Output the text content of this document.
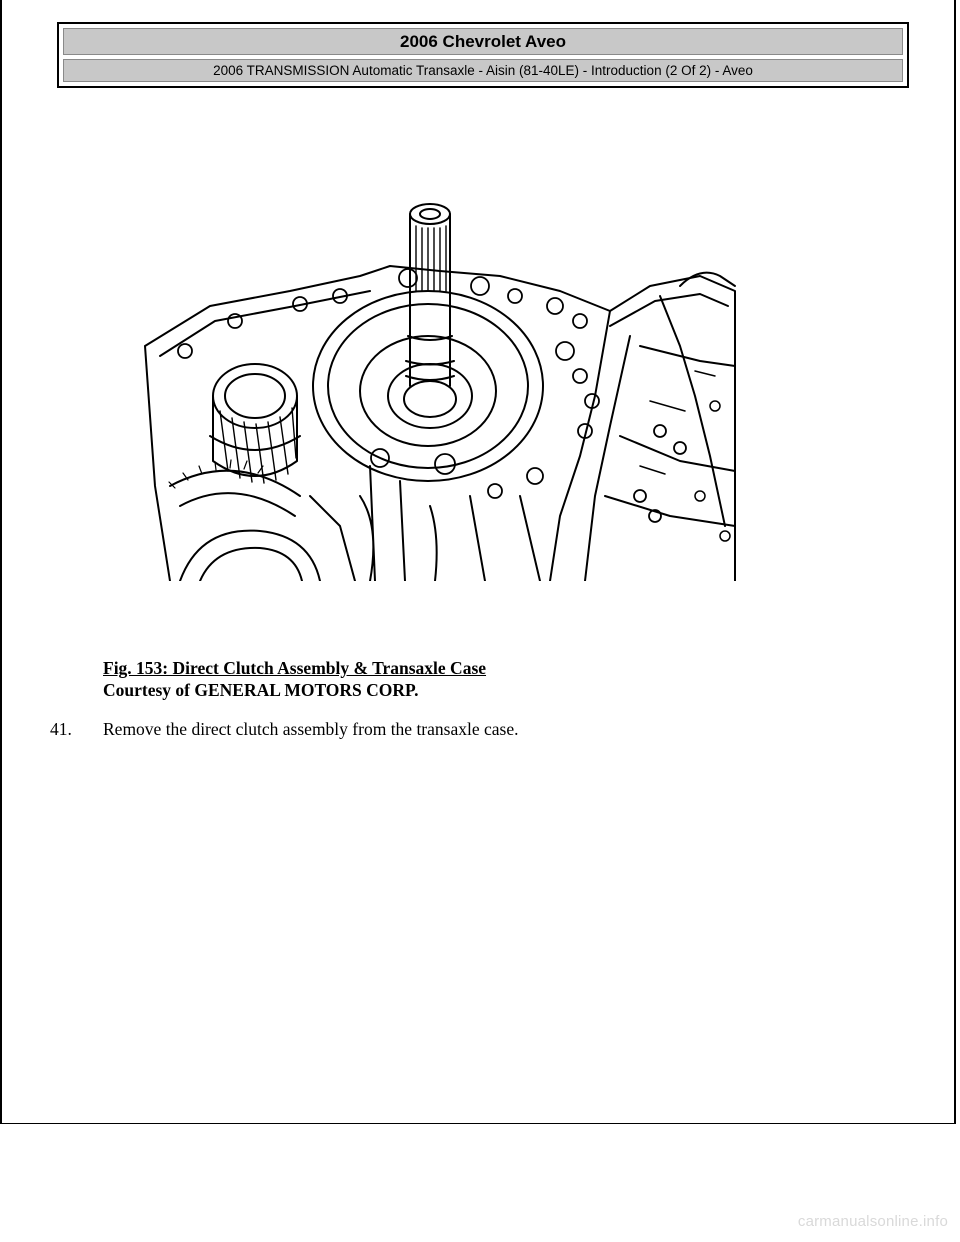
2006 Chevrolet Aveo
2006 TRANSMISSION Automatic Transaxle - Aisin (81-40LE) - Introduction (2 Of 2) - Aveo
Fig. 153: Direct Clutch Assembly & Transaxle Case
Courtesy of GENERAL MOTORS CORP.
41. Remove the direct clutch assembly from the transaxle case.
carmanualsonline.info
